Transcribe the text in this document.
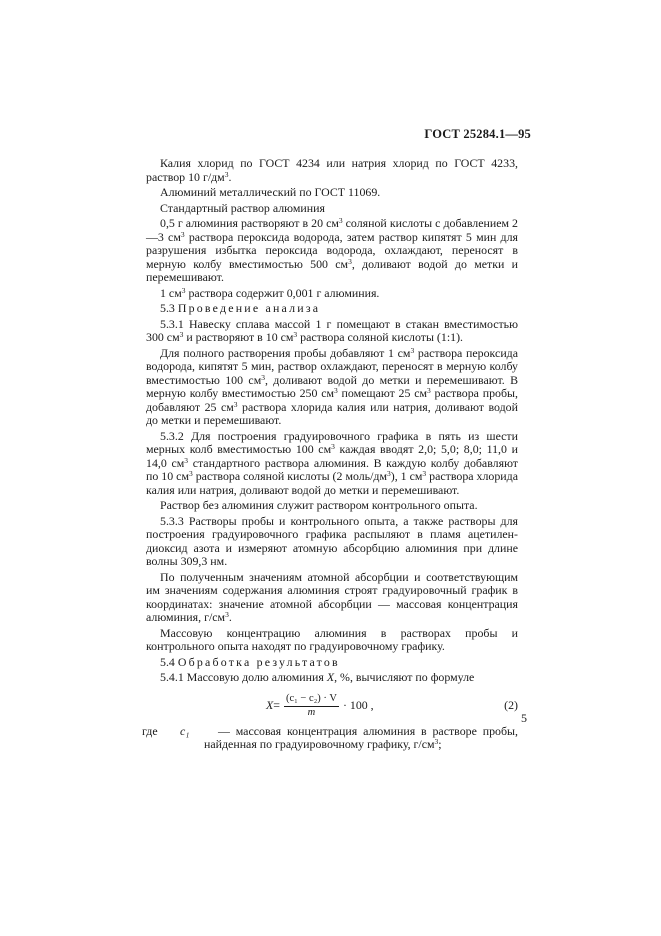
ГОСТ 25284.1—95

Калия хлорид по ГОСТ 4234 или натрия хлорид по ГОСТ 4233, раствор 10 $г/дм^3$.

Алюминий металлический по ГОСТ 11069.

Стандартный раствор алюминия

0,5 г алюминия растворяют в 20 $см^3$ соляной кислоты с добавлением 2—3 $см^3$ раствора пероксида водорода, затем раствор кипятят 5 мин для разрушения избытка пероксида водорода, охлаждают, переносят в мерную колбу вместимостью 500 $см^3$, доливают водой до метки и перемешивают.

1 $см^3$ раствора содержит 0,001 г алюминия.

5.3 Проведение анализа

5.3.1 Навеску сплава массой 1 г помещают в стакан вместимостью 300 $см^3$ и растворяют в 10 $см^3$ раствора соляной кислоты (1:1).

Для полного растворения пробы добавляют 1 $см^3$ раствора пероксида водорода, кипятят 5 мин, раствор охлаждают, переносят в мерную колбу вместимостью 100 $см^3$, доливают водой до метки и перемешивают. В мерную колбу вместимостью 250 $см^3$ помещают 25 $см^3$ раствора пробы, добавляют 25 $см^3$ раствора хлорида калия или натрия, доливают водой до метки и перемешивают.

5.3.2 Для построения градуировочного графика в пять из шести мерных колб вместимостью 100 $см^3$ каждая вводят 2,0; 5,0; 8,0; 11,0 и 14,0 $см^3$ стандартного раствора алюминия. В каждую колбу добавляют по 10 $см^3$ раствора соляной кислоты (2 моль/$дм^3$), 1 $см^3$ раствора хлорида калия или натрия, доливают водой до метки и перемешивают.

Раствор без алюминия служит раствором контрольного опыта.

5.3.3 Растворы пробы и контрольного опыта, а также растворы для построения градуировочного графика распыляют в пламя ацетилен-диоксид азота и измеряют атомную абсорбцию алюминия при длине волны 309,3 нм.

По полученным значениям атомной абсорбции и соответствующим им значениям содержания алюминия строят градуировочный график в координатах: значение атомной абсорбции — массовая концентрация алюминия, $г/см^3$.

Массовую концентрацию алюминия в растворах пробы и контрольного опыта находят по градуировочному графику.

5.4 Обработка результатов

5.4.1 Массовую долю алюминия X, %, вычисляют по формуле

$X = \frac{\text{(c₁ − c₂) · V}}{m} \cdot 100$ ,	(2)

где	c₁ — массовая концентрация алюминия в растворе пробы, найденная по градуировочному графику, $г/см^3$;

5
